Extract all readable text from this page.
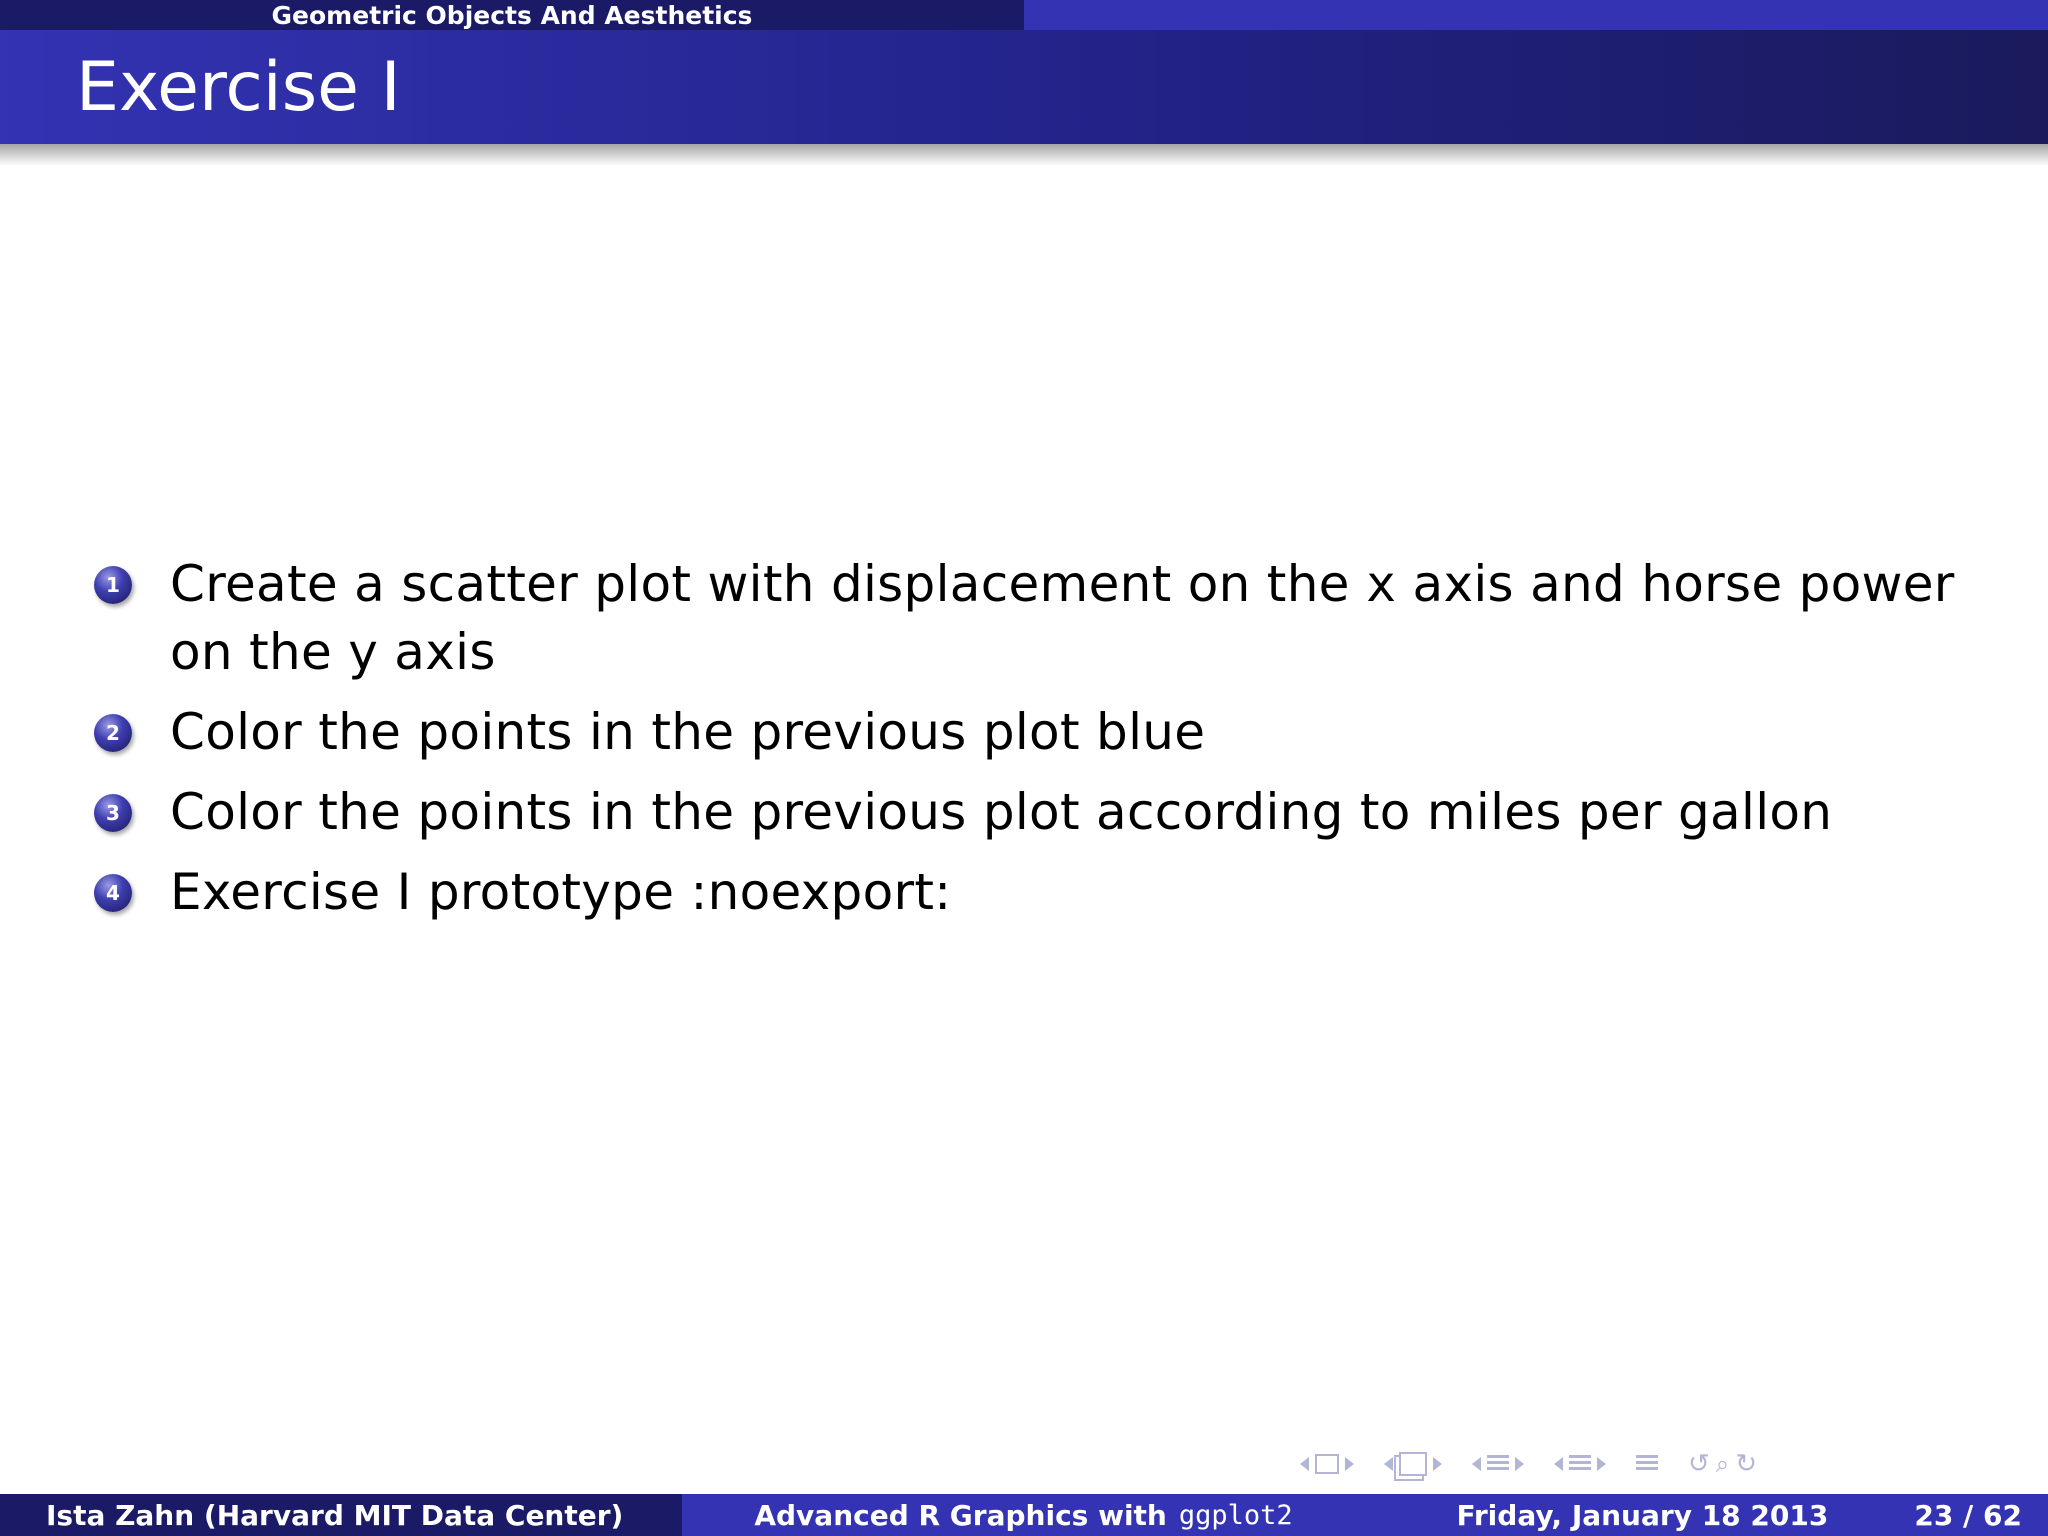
Geometric Objects And Aesthetics
Exercise I
1 Create a scatter plot with displacement on the x axis and horse power on the y axis
2 Color the points in the previous plot blue
3 Color the points in the previous plot according to miles per gallon
4 Exercise I prototype :noexport:
↺ ⌕ ↻
Ista Zahn (Harvard MIT Data Center)	Advanced R Graphics with ggplot2	Friday, January 18 2013	23 / 62
